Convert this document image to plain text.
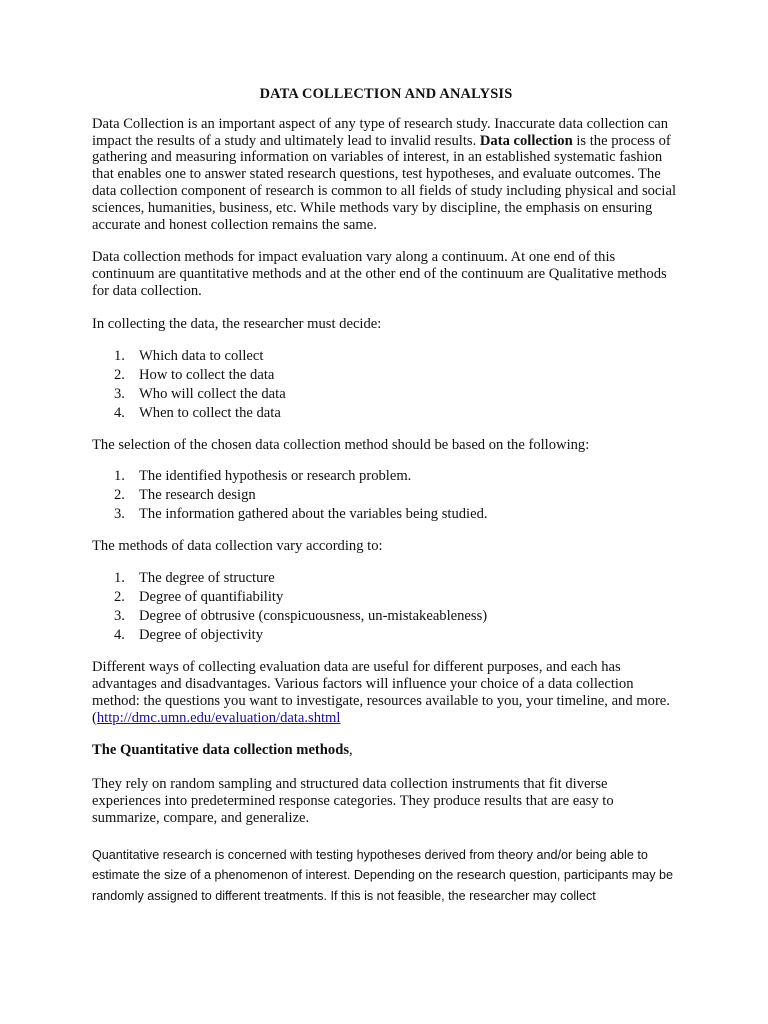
DATA COLLECTION AND ANALYSIS

Data Collection is an important aspect of any type of research study. Inaccurate data collection can impact the results of a study and ultimately lead to invalid results. Data collection is the process of gathering and measuring information on variables of interest, in an established systematic fashion that enables one to answer stated research questions, test hypotheses, and evaluate outcomes. The data collection component of research is common to all fields of study including physical and social sciences, humanities, business, etc. While methods vary by discipline, the emphasis on ensuring accurate and honest collection remains the same.

Data collection methods for impact evaluation vary along a continuum. At one end of this continuum are quantitative methods and at the other end of the continuum are Qualitative methods for data collection.

In collecting the data, the researcher must decide:

1. Which data to collect
2. How to collect the data
3. Who will collect the data
4. When to collect the data

The selection of the chosen data collection method should be based on the following:

1. The identified hypothesis or research problem.
2. The research design
3. The information gathered about the variables being studied.

The methods of data collection vary according to:

1. The degree of structure
2. Degree of quantifiability
3. Degree of obtrusive (conspicuousness, un-mistakeableness)
4. Degree of objectivity

Different ways of collecting evaluation data are useful for different purposes, and each has advantages and disadvantages. Various factors will influence your choice of a data collection method: the questions you want to investigate, resources available to you, your timeline, and more. (http://dmc.umn.edu/evaluation/data.shtml

The Quantitative data collection methods,

They rely on random sampling and structured data collection instruments that fit diverse experiences into predetermined response categories. They produce results that are easy to summarize, compare, and generalize.

Quantitative research is concerned with testing hypotheses derived from theory and/or being able to estimate the size of a phenomenon of interest. Depending on the research question, participants may be randomly assigned to different treatments. If this is not feasible, the researcher may collect
